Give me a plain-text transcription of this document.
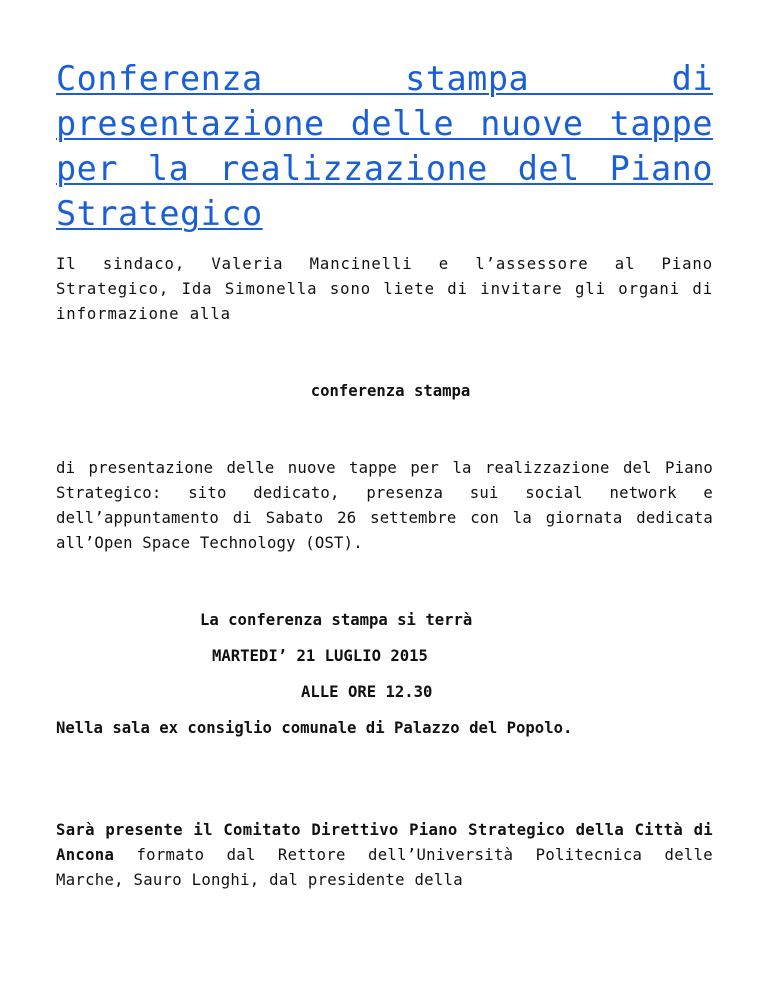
Conferenza stampa di presentazione delle nuove tappe per la realizzazione del Piano Strategico

Il sindaco, Valeria Mancinelli e l’assessore al Piano Strategico, Ida Simonella sono liete di invitare gli organi di informazione alla

conferenza stampa

di presentazione delle nuove tappe per la realizzazione del Piano Strategico: sito dedicato, presenza sui social network e dell’appuntamento di Sabato 26 settembre con la giornata dedicata all’Open Space Technology (OST).

La conferenza stampa si terrà

MARTEDI’ 21 LUGLIO 2015

ALLE ORE 12.30

Nella sala ex consiglio comunale di Palazzo del Popolo.

Sarà presente il Comitato Direttivo Piano Strategico della Città di Ancona formato dal Rettore dell’Università Politecnica delle Marche, Sauro Longhi, dal presidente della
